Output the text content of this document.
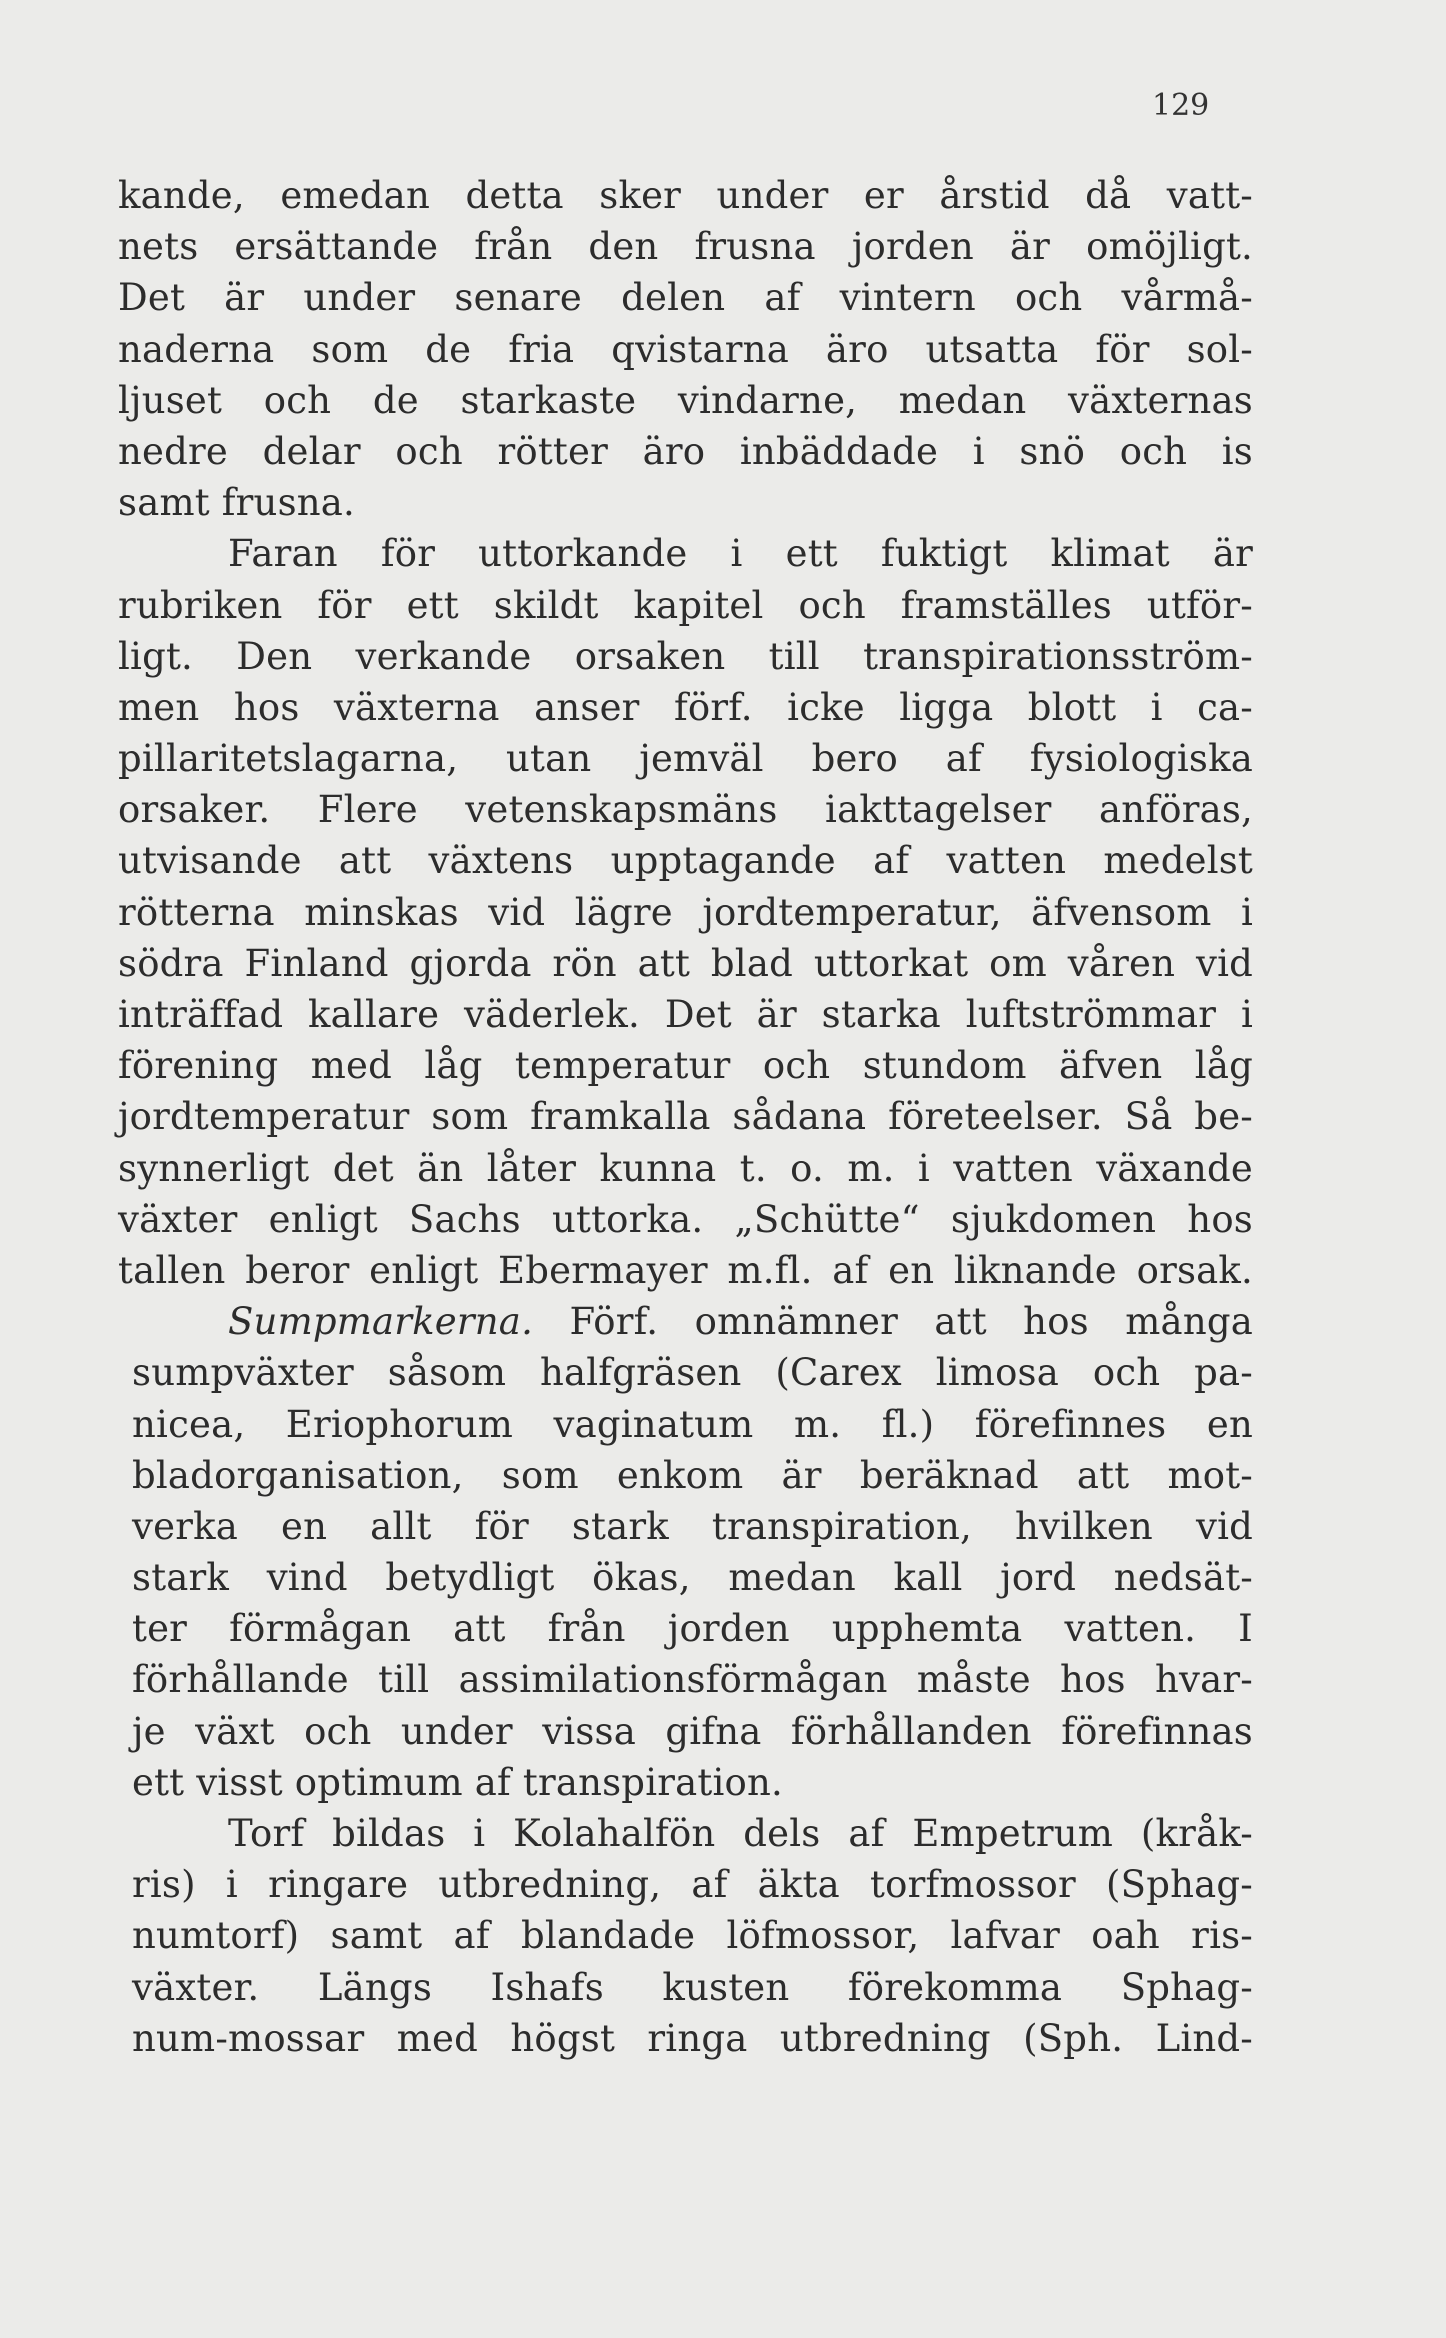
129
kande, emedan detta sker under er årstid då vatt-
nets ersättande från den frusna jorden är omöjligt.
Det är under senare delen af vintern och vårmå-
naderna som de fria qvistarna äro utsatta för sol-
ljuset och de starkaste vindarne, medan växternas
nedre delar och rötter äro inbäddade i snö och is
samt frusna.
Faran för uttorkande i ett fuktigt klimat är
rubriken för ett skildt kapitel och framställes utför-
ligt. Den verkande orsaken till transpirationsström-
men hos växterna anser förf. icke ligga blott i ca-
pillaritetslagarna, utan jemväl bero af fysiologiska
orsaker. Flere vetenskapsmäns iakttagelser anföras,
utvisande att växtens upptagande af vatten medelst
rötterna minskas vid lägre jordtemperatur, äfvensom i
södra Finland gjorda rön att blad uttorkat om våren vid
inträffad kallare väderlek. Det är starka luftströmmar i
förening med låg temperatur och stundom äfven låg
jordtemperatur som framkalla sådana företeelser. Så be-
synnerligt det än låter kunna t. o. m. i vatten växande
växter enligt Sachs uttorka. „Schütte“ sjukdomen hos
tallen beror enligt Ebermayer m.fl. af en liknande orsak.
Sumpmarkerna. Förf. omnämner att hos många
sumpväxter såsom halfgräsen (Carex limosa och pa-
nicea, Eriophorum vaginatum m. fl.) förefinnes en
bladorganisation, som enkom är beräknad att mot-
verka en allt för stark transpiration, hvilken vid
stark vind betydligt ökas, medan kall jord nedsät-
ter förmågan att från jorden upphemta vatten. I
förhållande till assimilationsförmågan måste hos hvar-
je växt och under vissa gifna förhållanden förefinnas
ett visst optimum af transpiration.
Torf bildas i Kolahalfön dels af Empetrum (kråk-
ris) i ringare utbredning, af äkta torfmossor (Sphag-
numtorf) samt af blandade löfmossor, lafvar oah ris-
växter. Längs Ishafs kusten förekomma Sphag-
num-mossar med högst ringa utbredning (Sph. Lind-
